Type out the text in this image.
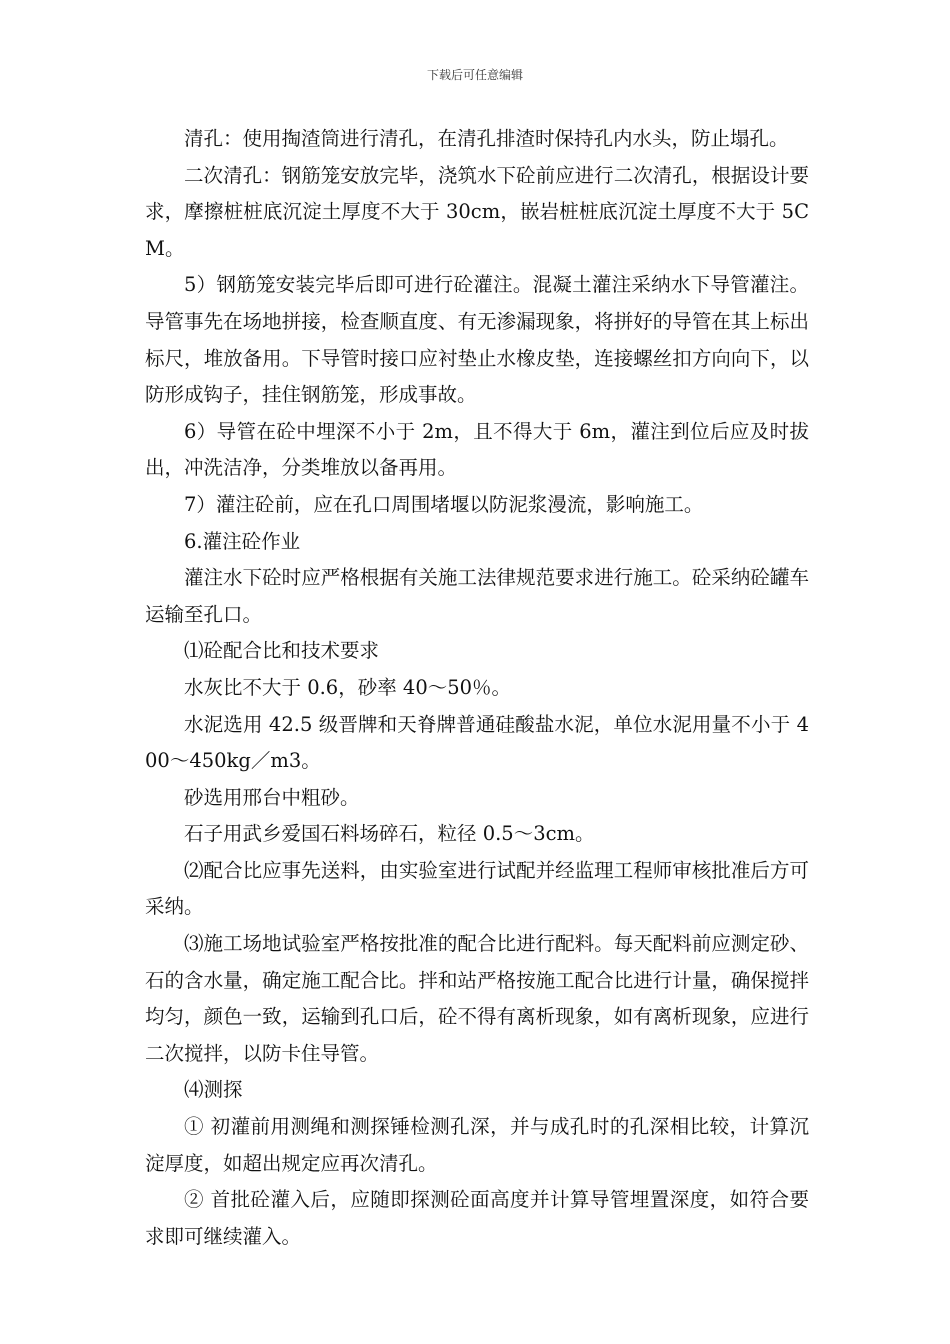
下载后可任意编辑

清孔：使用掏渣筒进行清孔，在清孔排渣时保持孔内水头，防止塌孔。

二次清孔：钢筋笼安放完毕，浇筑水下砼前应进行二次清孔，根据设计要求，摩擦桩桩底沉淀土厚度不大于 30cm，嵌岩桩桩底沉淀土厚度不大于 5CM。

5）钢筋笼安装完毕后即可进行砼灌注。混凝土灌注采纳水下导管灌注。导管事先在场地拼接，检查顺直度、有无渗漏现象，将拼好的导管在其上标出标尺，堆放备用。下导管时接口应衬垫止水橡皮垫，连接螺丝扣方向向下，以防形成钩子，挂住钢筋笼，形成事故。

6）导管在砼中埋深不小于 2m，且不得大于 6m，灌注到位后应及时拔出，冲洗洁净，分类堆放以备再用。

7）灌注砼前，应在孔口周围堵堰以防泥浆漫流，影响施工。

6.灌注砼作业

灌注水下砼时应严格根据有关施工法律规范要求进行施工。砼采纳砼罐车运输至孔口。

⑴砼配合比和技术要求

水灰比不大于 0.6，砂率 40～50％。

水泥选用 42.5 级晋牌和天脊牌普通硅酸盐水泥，单位水泥用量不小于 400～450kg／m3。

砂选用邢台中粗砂。

石子用武乡爱国石料场碎石，粒径 0.5～3cm。

⑵配合比应事先送料，由实验室进行试配并经监理工程师审核批准后方可采纳。

⑶施工场地试验室严格按批准的配合比进行配料。每天配料前应测定砂、石的含水量，确定施工配合比。拌和站严格按施工配合比进行计量，确保搅拌均匀，颜色一致，运输到孔口后，砼不得有离析现象，如有离析现象，应进行二次搅拌，以防卡住导管。

⑷测探

① 初灌前用测绳和测探锤检测孔深，并与成孔时的孔深相比较，计算沉淀厚度，如超出规定应再次清孔。

② 首批砼灌入后，应随即探测砼面高度并计算导管埋置深度，如符合要求即可继续灌入。
